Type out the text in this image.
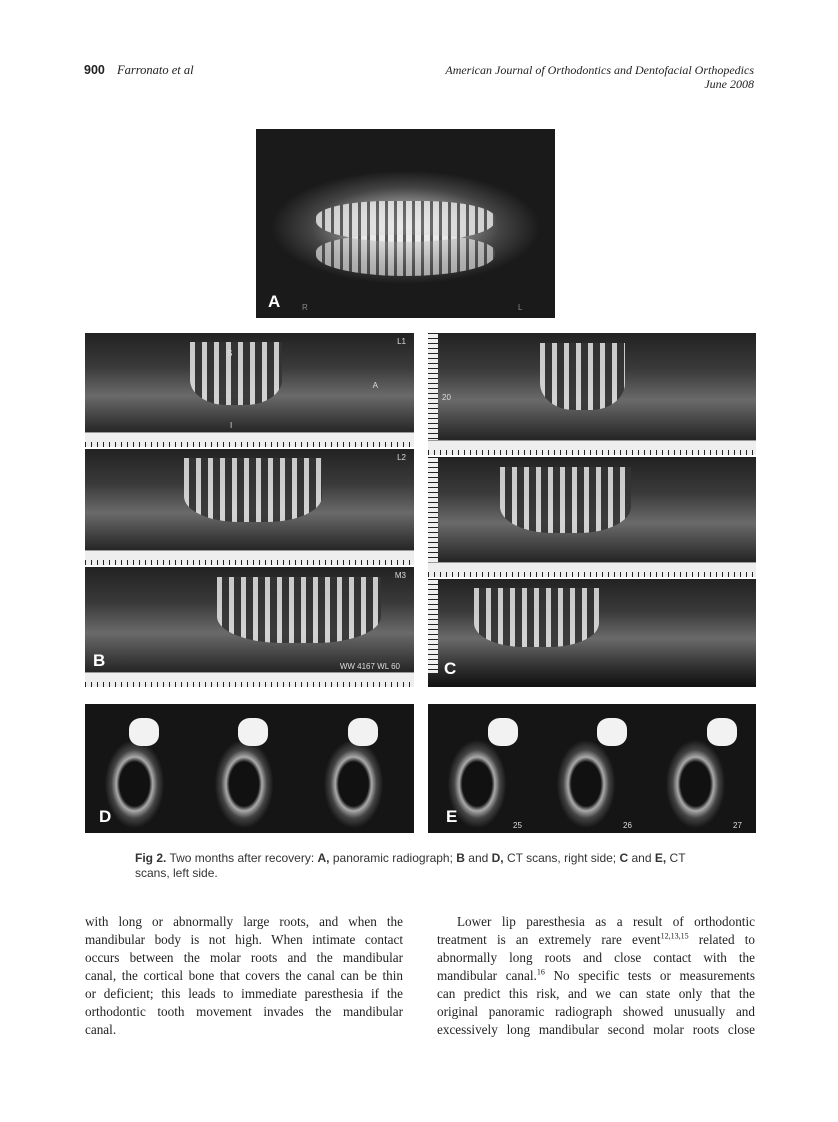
900 Farronato et al	American Journal of Orthodontics and Dentofacial Orthopedics
June 2008
A	R	L
L1
A
S
I
L2
M3
WW 4167 WL 60
B
20
C
D	25	26	27
E
Fig 2. Two months after recovery: A, panoramic radiograph; B and D, CT scans, right side; C and E, CT scans, left side.
with long or abnormally large roots, and when the
mandibular body is not high. When intimate contact
occurs between the molar roots and the mandibular
canal, the cortical bone that covers the canal can be thin
or deficient; this leads to immediate paresthesia if the
orthodontic tooth movement invades the mandibular
canal.
Lower lip paresthesia as a result of orthodontic
treatment is an extremely rare event$^{12,13,15}$ related to
abnormally long roots and close contact with the
mandibular canal.$^{16}$ No specific tests or measurements
can predict this risk, and we can state only that the
original panoramic radiograph showed unusually and
excessively long mandibular second molar roots close
